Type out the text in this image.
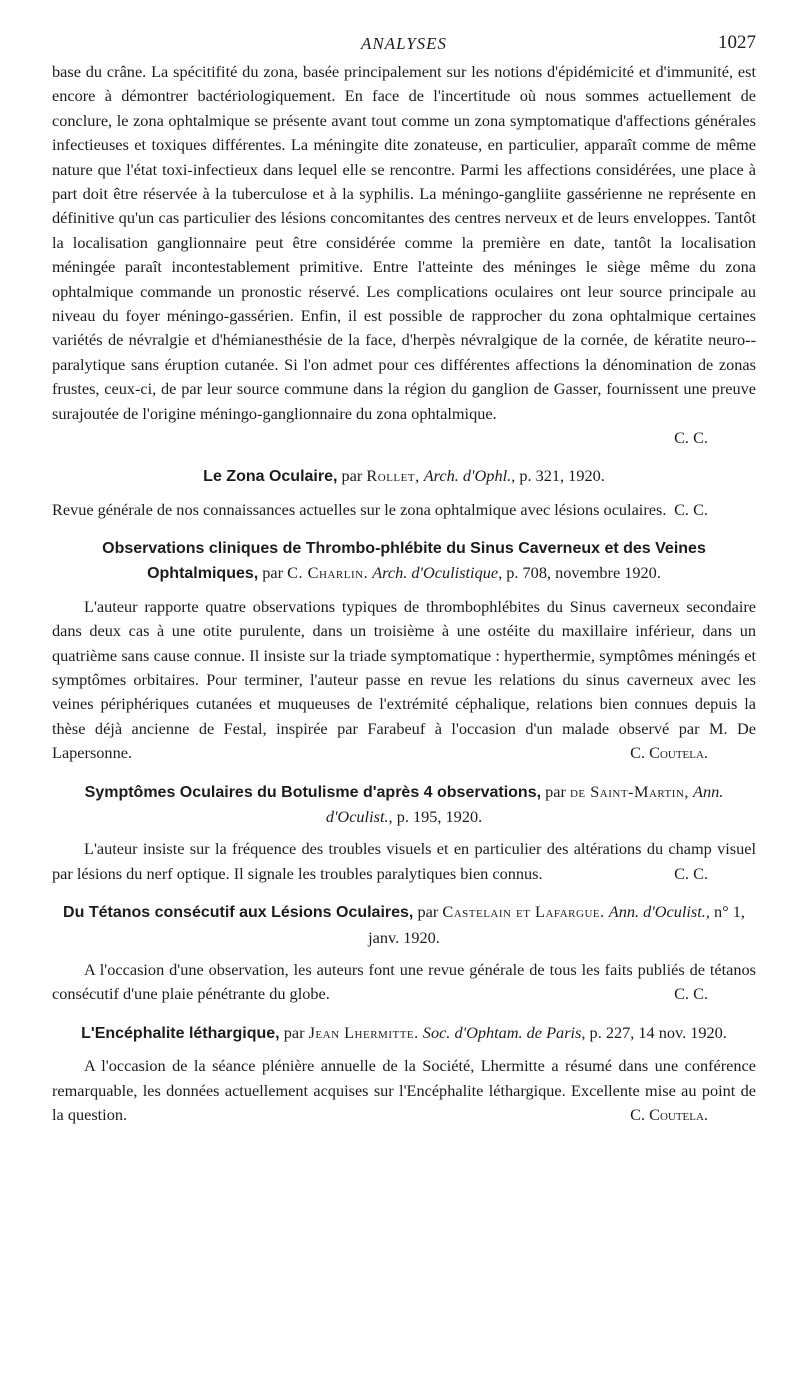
ANALYSES	1027

base du crâne. La spécitifité du zona, basée principalement sur les notions d'épidémicité et d'immunité, est encore à démontrer bactériologiquement. En face de l'incertitude où nous sommes actuellement de conclure, le zona ophtalmique se présente avant tout comme un zona symptomatique d'affections générales infectieuses et toxiques différentes. La méningite dite zonateuse, en particulier, apparaît comme de même nature que l'état toxi-infectieux dans lequel elle se rencontre. Parmi les affections considérées, une place à part doit être réservée à la tuberculose et à la syphilis. La méningo-gangliite gassérienne ne représente en définitive qu'un cas particulier des lésions concomitantes des centres nerveux et de leurs enveloppes. Tantôt la localisation ganglionnaire peut être considérée comme la première en date, tantôt la localisation méningée paraît incontestablement primitive. Entre l'atteinte des méninges le siège même du zona ophtalmique commande un pronostic réservé. Les complications oculaires ont leur source principale au niveau du foyer méningo-gassérien. Enfin, il est possible de rapprocher du zona ophtalmique certaines variétés de névralgie et d'hémianesthésie de la face, d'herpès névralgique de la cornée, de kératite neuro--paralytique sans éruption cutanée. Si l'on admet pour ces différentes affections la dénomination de zonas frustes, ceux-ci, de par leur source commune dans la région du ganglion de Gasser, fournissent une preuve surajoutée de l'origine méningo-ganglionnaire du zona ophtalmique.

C. C.
Le Zona Oculaire, par Rollet, Arch. d'Ophl., p. 321, 1920.

Revue générale de nos connaissances actuelles sur le zona ophtalmique avec lésions oculaires. C. C.

Observations cliniques de Thrombo-phlébite du Sinus Caverneux et des Veines Ophtalmiques, par C. Charlin. Arch. d'Oculistique, p. 708, novembre 1920.

L'auteur rapporte quatre observations typiques de thrombophlébites du Sinus caverneux secondaire dans deux cas à une otite purulente, dans un troisième à une ostéite du maxillaire inférieur, dans un quatrième sans cause connue. Il insiste sur la triade symptomatique : hyperthermie, symptômes méningés et symptômes orbitaires. Pour terminer, l'auteur passe en revue les relations du sinus caverneux avec les veines périphériques cutanées et muqueuses de l'extrémité céphalique, relations bien connues depuis la thèse déjà ancienne de Festal, inspirée par Farabeuf à l'occasion d'un malade observé par M. De Lapersonne.	C. Coutela.

Symptômes Oculaires du Botulisme d'après 4 observations, par de Saint-Martin, Ann. d'Oculist., p. 195, 1920.

L'auteur insiste sur la fréquence des troubles visuels et en particulier des altérations du champ visuel par lésions du nerf optique. Il signale les troubles paralytiques bien connus.	C. C.

Du Tétanos consécutif aux Lésions Oculaires, par Castelain et Lafargue. Ann. d'Oculist., n° 1, janv. 1920.

A l'occasion d'une observation, les auteurs font une revue générale de tous les faits publiés de tétanos consécutif d'une plaie pénétrante du globe.	C. C.

L'Encéphalite léthargique, par Jean Lhermitte. Soc. d'Ophtam. de Paris, p. 227, 14 nov. 1920.

A l'occasion de la séance plénière annuelle de la Société, Lhermitte a résumé dans une conférence remarquable, les données actuellement acquises sur l'Encéphalite léthargique. Excellente mise au point de la question.	C. Coutela.
